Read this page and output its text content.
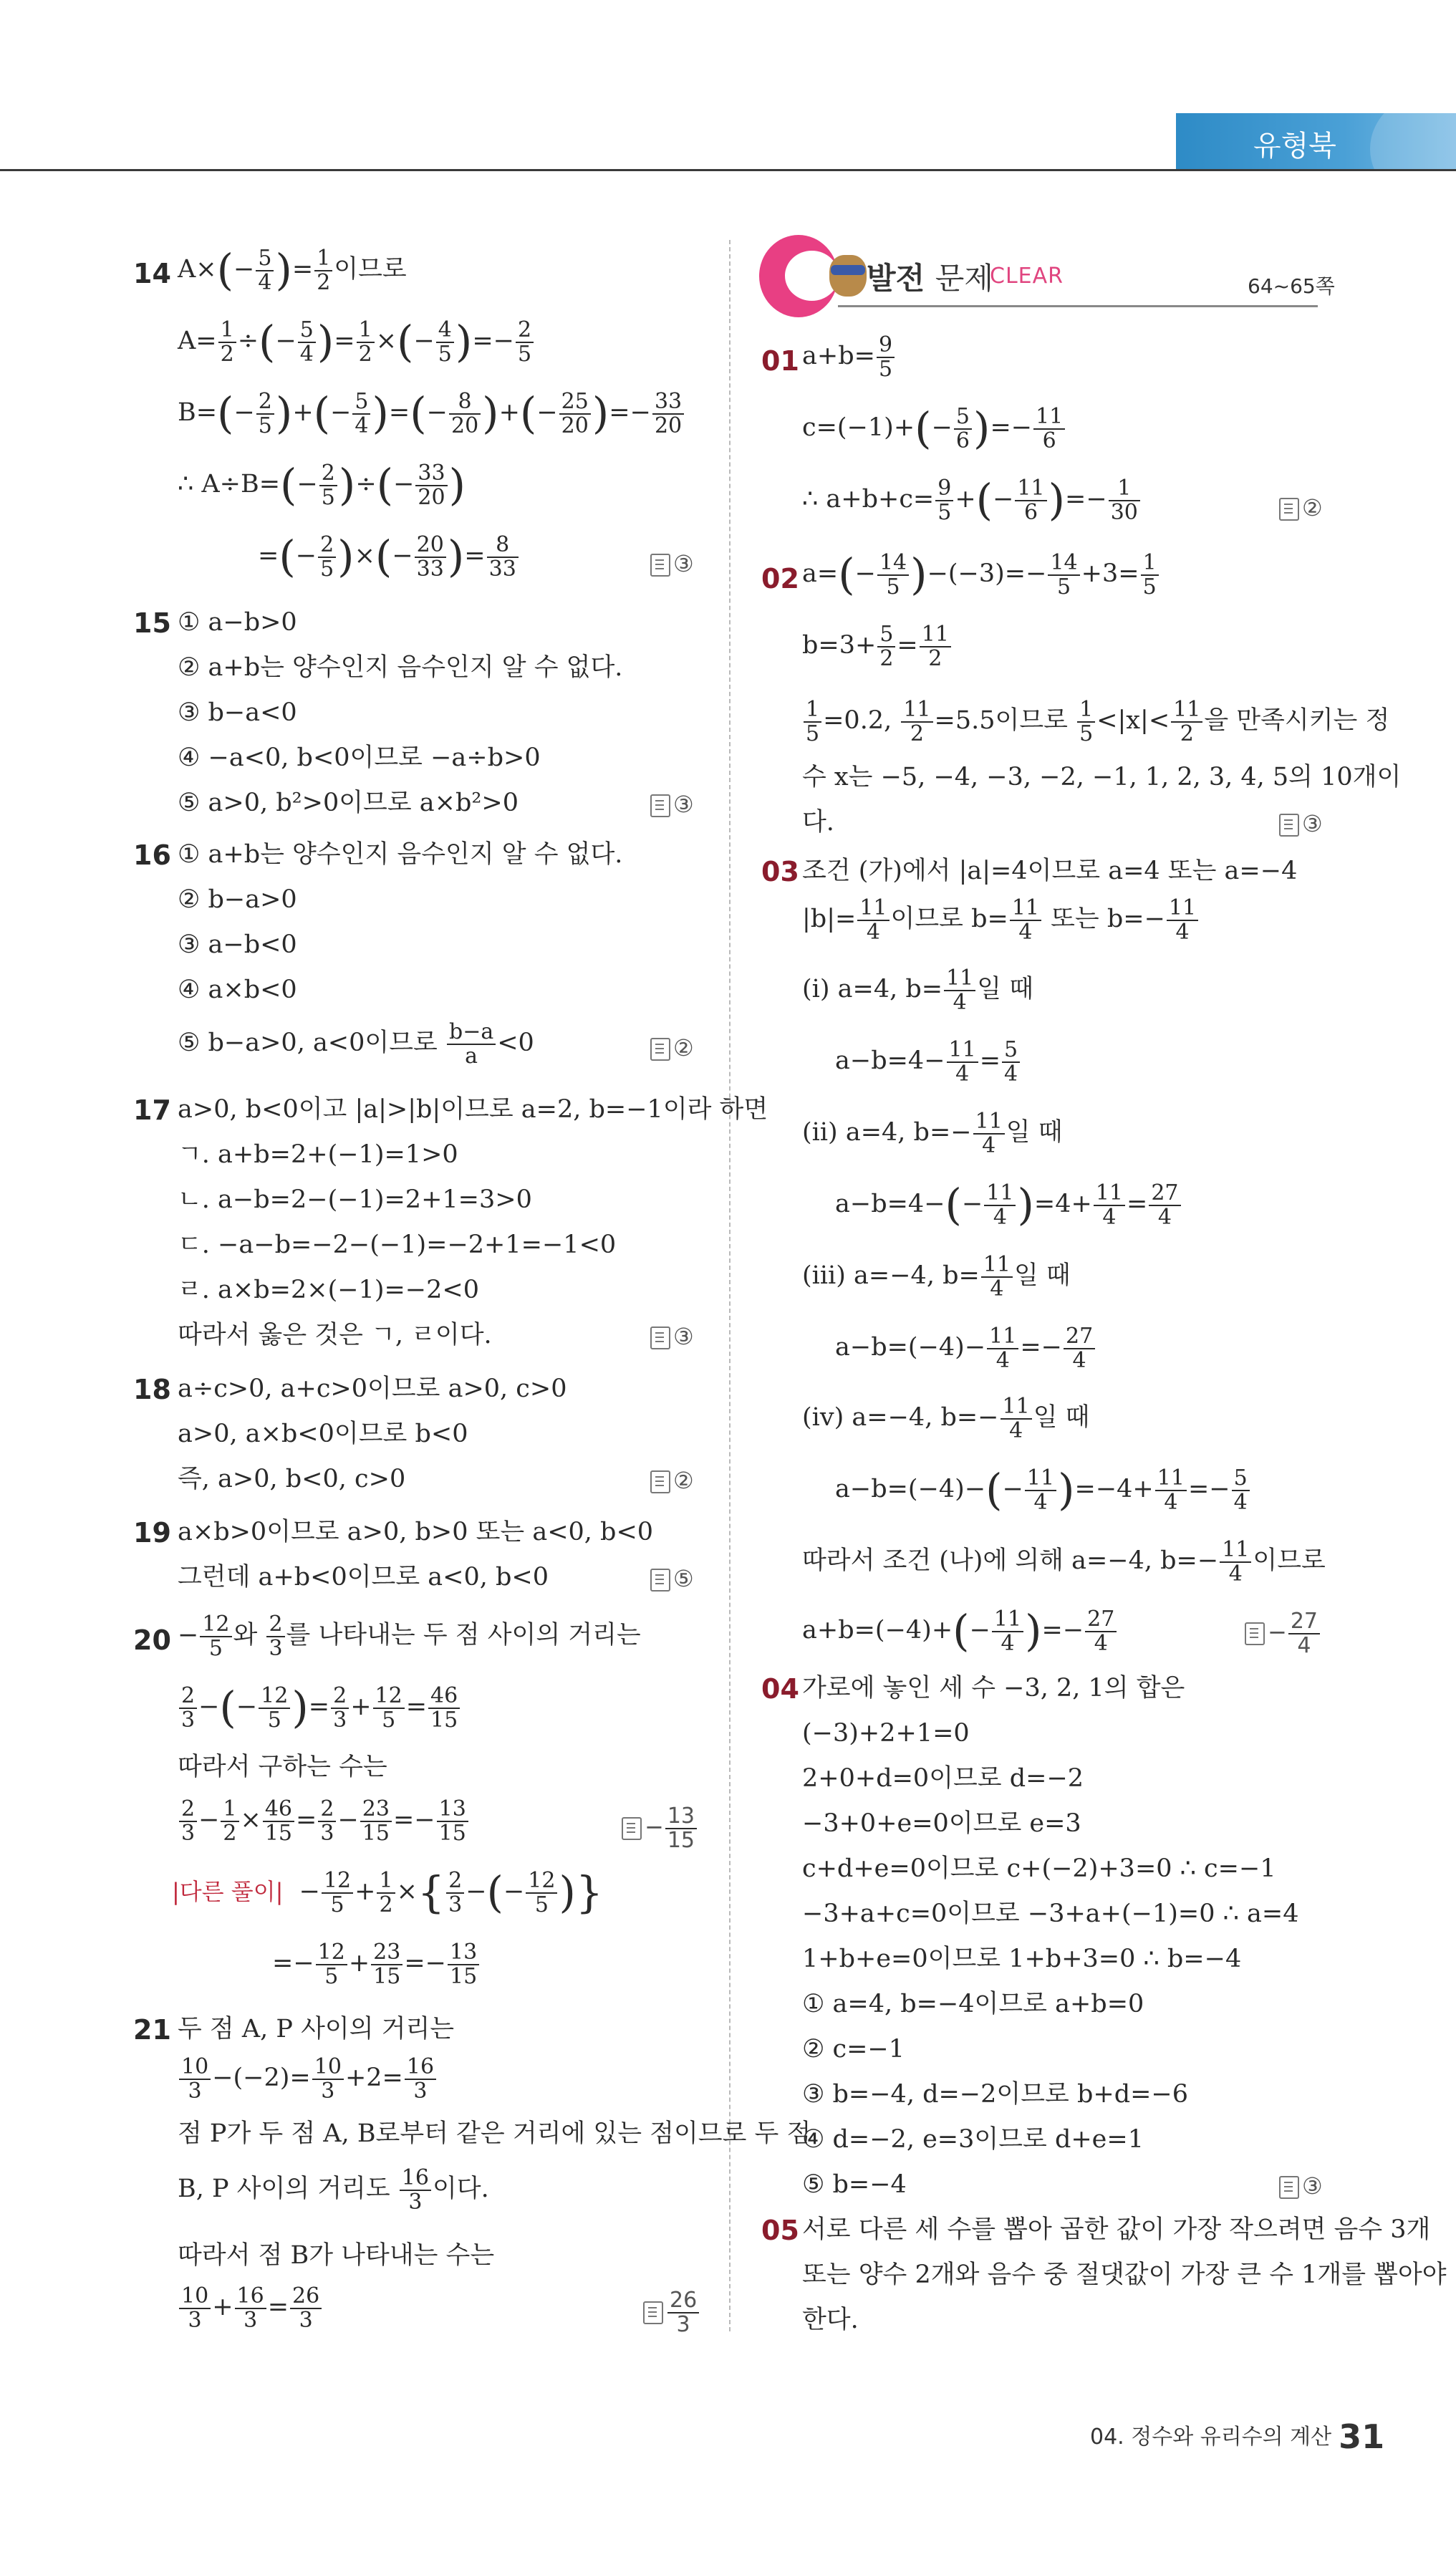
유형북
14 $A\times(- \frac{5}{4}$ )= $\frac{1}{2}$ 이므로
$A= \frac{1}{2}$ ÷(− $\frac{5}{4}$ )= $\frac{1}{2}$ ×(− $\frac{4}{5}$ )=− $\frac{2}{5}$
$B=(- \frac{2}{5}$ )+(− $\frac{5}{4}$ )=(− $\frac{8}{20}$ )+(− $\frac{25}{20}$ )=− $\frac{33}{20}$
∴ $A\div B=(- \frac{2}{5}$ )÷(− $\frac{33}{20}$ )
=(− $\frac{2}{5}$ )×(− $\frac{20}{33}$ )= $\frac{8}{33}$	③
15 ① a−b>0
② a+b는 양수인지 음수인지 알 수 없다.
③ b−a<0
④ −a<0, b<0이므로 −a÷b>0
⑤ a>0, b²>0이므로 a×b²>0	③
16 ① a+b는 양수인지 음수인지 알 수 없다.
② b−a>0
③ a−b<0
④ a×b<0
⑤ b−a>0, a<0이므로 $\frac{b-a}{a} <0$	②
17 a>0, b<0이고 |a|>|b|이므로 a=2, b=−1이라 하면
ㄱ. a+b=2+(−1)=1>0
ㄴ. a−b=2−(−1)=2+1=3>0
ㄷ. −a−b=−2−(−1)=−2+1=−1<0
ㄹ. a×b=2×(−1)=−2<0
따라서 옳은 것은 ㄱ, ㄹ이다.	③
18 a÷c>0, a+c>0이므로 a>0, c>0
a>0, a×b<0이므로 b<0
즉, a>0, b<0, c>0	②
19 a×b>0이므로 a>0, b>0 또는 a<0, b<0
그런데 a+b<0이므로 a<0, b<0	⑤
$20 - \frac{12}{5}$ 와 $\frac{2}{3}$ 를 나타내는 두 점 사이의 거리는
$\frac{2}{3}$ −(− $\frac{12}{5}$ )= $\frac{2}{3} + \frac{12}{5} = \frac{46}{15}$
따라서 구하는 수는
$\frac{2}{3} - \frac{1}{2} \times \frac{46}{15} = \frac{2}{3} - \frac{23}{15} =- \frac{13}{15}$	− $\frac{13}{15}$
|다른 풀이|  − $\frac{12}{5} + \frac{1}{2}$ ×{ $\frac{2}{3}$ −(− $\frac{12}{5}$ )}
=− $\frac{12}{5} + \frac{23}{15} =- \frac{13}{15}$
21 두 점 A, P 사이의 거리는
$\frac{10}{3} -(-2)= \frac{10}{3} +2= \frac{16}{3}$
점 P가 두 점 A, B로부터 같은 거리에 있는 점이므로 두 점
B, P 사이의 거리도 $\frac{16}{3}$ 이다.
따라서 점 B가 나타내는 수는
$\frac{10}{3} + \frac{16}{3} = \frac{26}{3}$	$\frac{26}{3}$
발전 문제
CLEAR	64~65쪽
01 $a+b= \frac{9}{5}$
$c=(-1)+(- \frac{5}{6}$ )=− $\frac{11}{6}$
∴ $a+b+c= \frac{9}{5}$ +(− $\frac{11}{6}$ )=− $\frac{1}{30}$	②
02 $a=(- \frac{14}{5} )-(-3)=- \frac{14}{5} +3= \frac{1}{5}$
$b=3+ \frac{5}{2} = \frac{11}{2}$
$\frac{1}{5} =0.2$, $\frac{11}{2} =5.5$이므로 $\frac{1}{5} <|x|< \frac{11}{2}$ 을 만족시키는 정
수 x는 −5, −4, −3, −2, −1, 1, 2, 3, 4, 5의 10개이
다.	③
03 조건 (가)에서 |a|=4이므로 a=4 또는 a=−4
$|b|= \frac{11}{4}$ 이므로 $b= \frac{11}{4}$ 또는 $b=- \frac{11}{4}$
(ⅰ) a=4, $b= \frac{11}{4}$ 일 때
$a-b=4- \frac{11}{4} = \frac{5}{4}$
(ⅱ) a=4, $b=- \frac{11}{4}$ 일 때
$a-b=4-(- \frac{11}{4} )=4+ \frac{11}{4} = \frac{27}{4}$
(ⅲ) a=−4, $b= \frac{11}{4}$ 일 때
$a-b=(-4)- \frac{11}{4} =- \frac{27}{4}$
(ⅳ) a=−4, $b=- \frac{11}{4}$ 일 때
$a-b=(-4)-(- \frac{11}{4} )=-4+ \frac{11}{4} =- \frac{5}{4}$
따라서 조건 (나)에 의해 a=−4, $b=- \frac{11}{4}$ 이므로
$a+b=(-4)+(- \frac{11}{4}$ )=− $\frac{27}{4}$	− $\frac{27}{4}$
04 가로에 놓인 세 수 −3, 2, 1의 합은
(−3)+2+1=0
2+0+d=0이므로 d=−2
−3+0+e=0이므로 e=3
c+d+e=0이므로 c+(−2)+3=0 ∴ c=−1
−3+a+c=0이므로 −3+a+(−1)=0 ∴ a=4
1+b+e=0이므로 1+b+3=0 ∴ b=−4
① a=4, b=−4이므로 a+b=0
② c=−1
③ b=−4, d=−2이므로 b+d=−6
④ d=−2, e=3이므로 d+e=1
⑤ b=−4	③
05 서로 다른 세 수를 뽑아 곱한 값이 가장 작으려면 음수 3개
또는 양수 2개와 음수 중 절댓값이 가장 큰 수 1개를 뽑아야
한다.
04. 정수와 유리수의 계산 31
